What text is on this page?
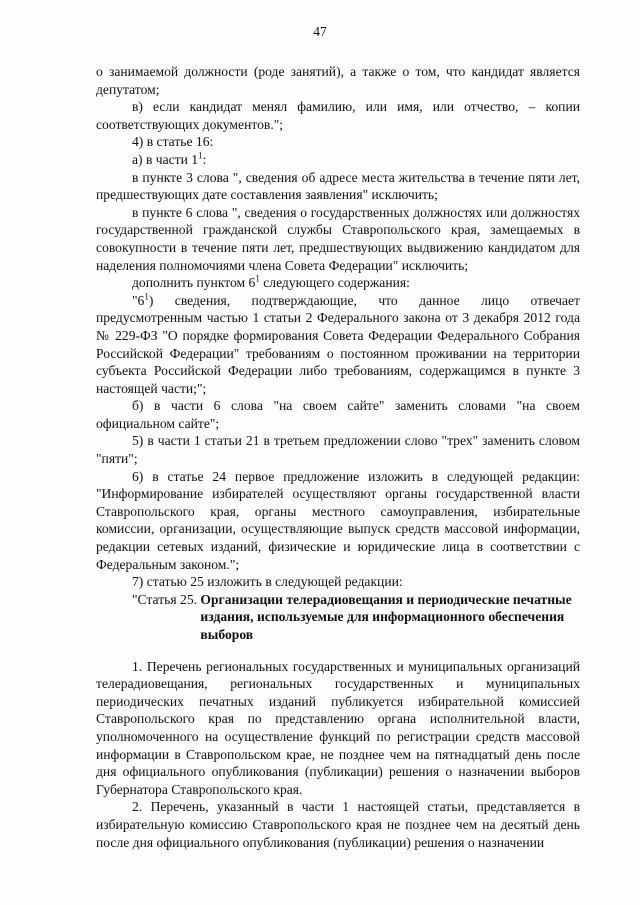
47

о занимаемой должности (роде занятий), а также о том, что кандидат является депутатом;

в) если кандидат менял фамилию, или имя, или отчество, – копии соответствующих документов.";

4) в статье 16:

а) в части $1^1$:

в пункте 3 слова ", сведения об адресе места жительства в течение пяти лет, предшествующих дате составления заявления" исключить;

в пункте 6 слова ", сведения о государственных должностях или должностях государственной гражданской службы Ставропольского края, замещаемых в совокупности в течение пяти лет, предшествующих выдвижению кандидатом для наделения полномочиями члена Совета Федерации" исключить;

дополнить пунктом $6^1$ следующего содержания:

"$6^1$) сведения, подтверждающие, что данное лицо отвечает предусмотренным частью 1 статьи 2 Федерального закона от 3 декабря 2012 года № 229-ФЗ "О порядке формирования Совета Федерации Федерального Собрания Российской Федерации" требованиям о постоянном проживании на территории субъекта Российской Федерации либо требованиям, содержащимся в пункте 3 настоящей части;";

б) в части 6 слова "на своем сайте" заменить словами "на своем официальном сайте";

5) в части 1 статьи 21 в третьем предложении слово "трех" заменить словом "пяти";

6) в статье 24 первое предложение изложить в следующей редакции: "Информирование избирателей осуществляют органы государственной власти Ставропольского края, органы местного самоуправления, избирательные комиссии, организации, осуществляющие выпуск средств массовой информации, редакции сетевых изданий, физические и юридические лица в соответствии с Федеральным законом.";

7) статью 25 изложить в следующей редакции:

"Статья 25. Организации телерадиовещания и периодические печатные издания, используемые для информационного обеспечения выборов

1. Перечень региональных государственных и муниципальных организаций телерадиовещания, региональных государственных и муниципальных периодических печатных изданий публикуется избирательной комиссией Ставропольского края по представлению органа исполнительной власти, уполномоченного на осуществление функций по регистрации средств массовой информации в Ставропольском крае, не позднее чем на пятнадцатый день после дня официального опубликования (публикации) решения о назначении выборов Губернатора Ставропольского края.

2. Перечень, указанный в части 1 настоящей статьи, представляется в избирательную комиссию Ставропольского края не позднее чем на десятый день после дня официального опубликования (публикации) решения о назначении
